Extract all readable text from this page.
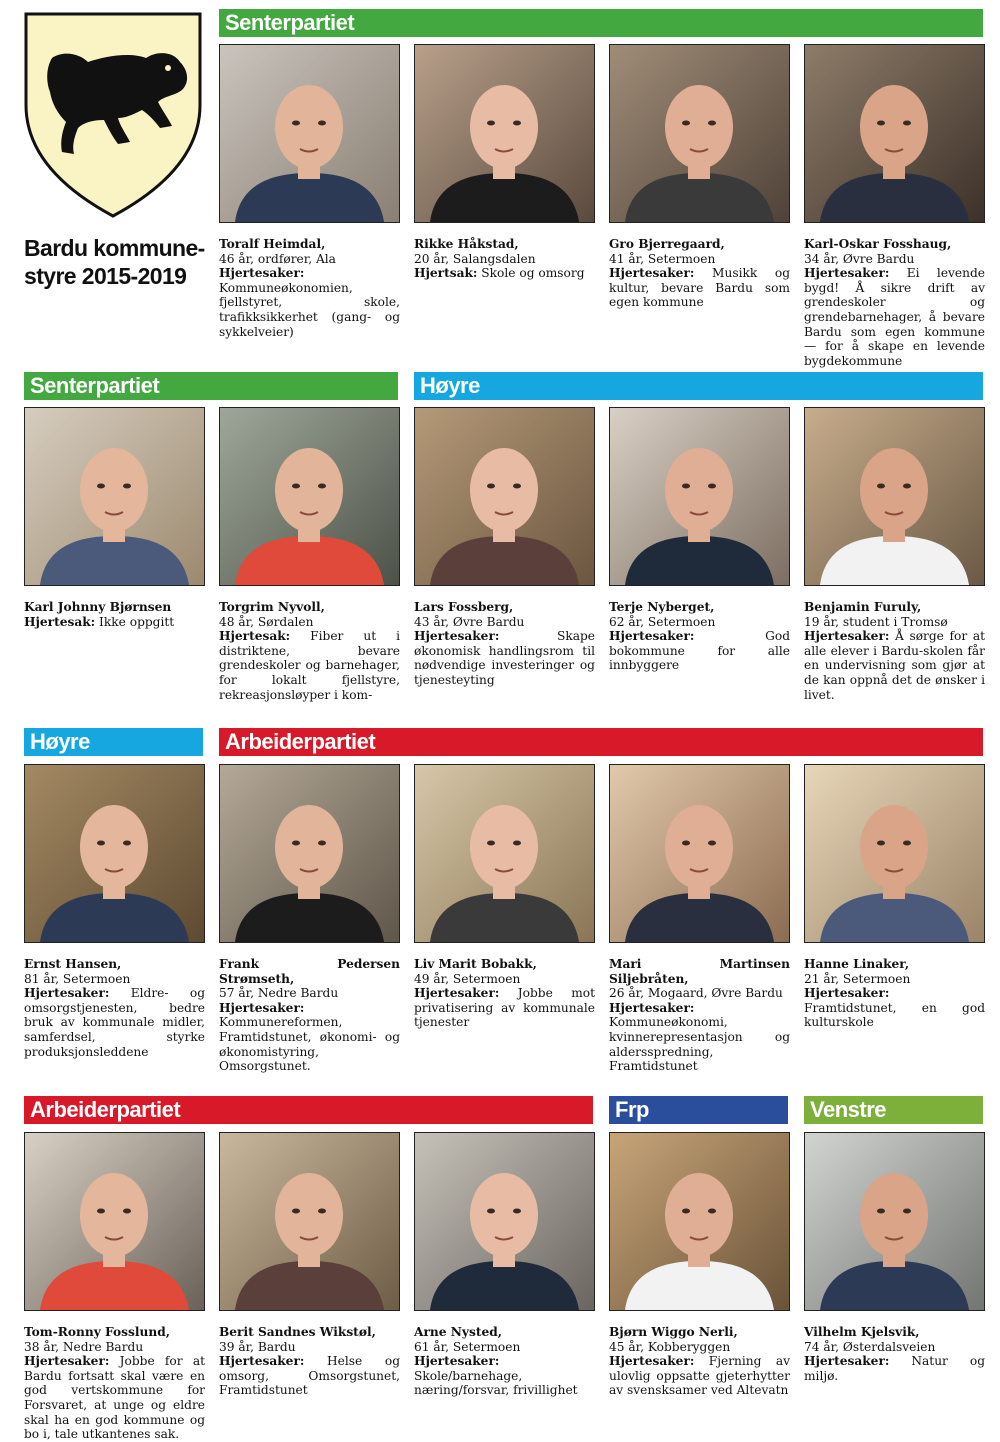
Bardu kommune-
styre 2015-2019
Senterpartiet
Senterpartiet	Høyre
Høyre	Arbeiderpartiet
Arbeiderpartiet	Frp	Venstre
Toralf Heimdal,
46 år, ordfører, Ala
Hjertesaker: Kommuneøkonomien, fjellstyret, skole, trafikksikkerhet (gang- og sykkelveier)
Rikke Håkstad,
20 år, Salangsdalen
Hjertsak: Skole og omsorg
Gro Bjerregaard,
41 år, Setermoen
Hjertesaker: Musikk og kultur, bevare Bardu som egen kommune
Karl-Oskar Fosshaug,
34 år, Øvre Bardu
Hjertesaker: Ei levende bygd! Å sikre drift av grendeskoler og grendebarnehager, å bevare Bardu som egen kommune — for å skape en levende bygdekommune
Karl Johnny Bjørnsen
Hjertesak: Ikke oppgitt
Torgrim Nyvoll,
48 år, Sørdalen
Hjertesak: Fiber ut i distriktene, bevare grendeskoler og barnehager, for lokalt fjellstyre, rekreasjonsløyper i kom-
Lars Fossberg,
43 år, Øvre Bardu
Hjertesaker: Skape økonomisk handlingsrom til nødvendige investeringer og tjenesteyting
Terje Nyberget,
62 år, Setermoen
Hjertesaker: God bokommune for alle innbyggere
Benjamin Furuly,
19 år, student i Tromsø
Hjertesaker: Å sørge for at alle elever i Bardu-skolen får en undervisning som gjør at de kan oppnå det de ønsker i livet.
Ernst Hansen,
81 år, Setermoen
Hjertesaker: Eldre- og omsorgstjenesten, bedre bruk av kommunale midler, samferdsel, styrke produksjonsleddene
Frank Pedersen Strømseth,
57 år, Nedre Bardu
Hjertesaker: Kommunereformen, Framtidstunet, økonomi- og økonomistyring, Omsorgstunet.
Liv Marit Bobakk,
49 år, Setermoen
Hjertesaker: Jobbe mot privatisering av kommunale tjenester
Mari Martinsen Siljebråten,
26 år, Mogaard, Øvre Bardu
Hjertesaker: Kommuneøkonomi, kvinnerepresentasjon og aldersspredning, Framtidstunet
Hanne Linaker,
21 år, Setermoen
Hjertesaker: Framtidstunet, en god kulturskole
Tom-Ronny Fosslund,
38 år, Nedre Bardu
Hjertesaker: Jobbe for at Bardu fortsatt skal være en god vertskommune for Forsvaret, at unge og eldre skal ha en god kommune og bo i, tale utkantenes sak.
Berit Sandnes Wikstøl,
39 år, Bardu
Hjertesaker: Helse og omsorg, Omsorgstunet, Framtidstunet
Arne Nysted,
61 år, Setermoen
Hjertesaker: Skole/barnehage, næring/forsvar, frivillighet
Bjørn Wiggo Nerli,
45 år, Kobberyggen
Hjertesaker: Fjerning av ulovlig oppsatte gjeterhytter av svensksamer ved Altevatn
Vilhelm Kjelsvik,
74 år, Østerdalsveien
Hjertesaker: Natur og miljø.
